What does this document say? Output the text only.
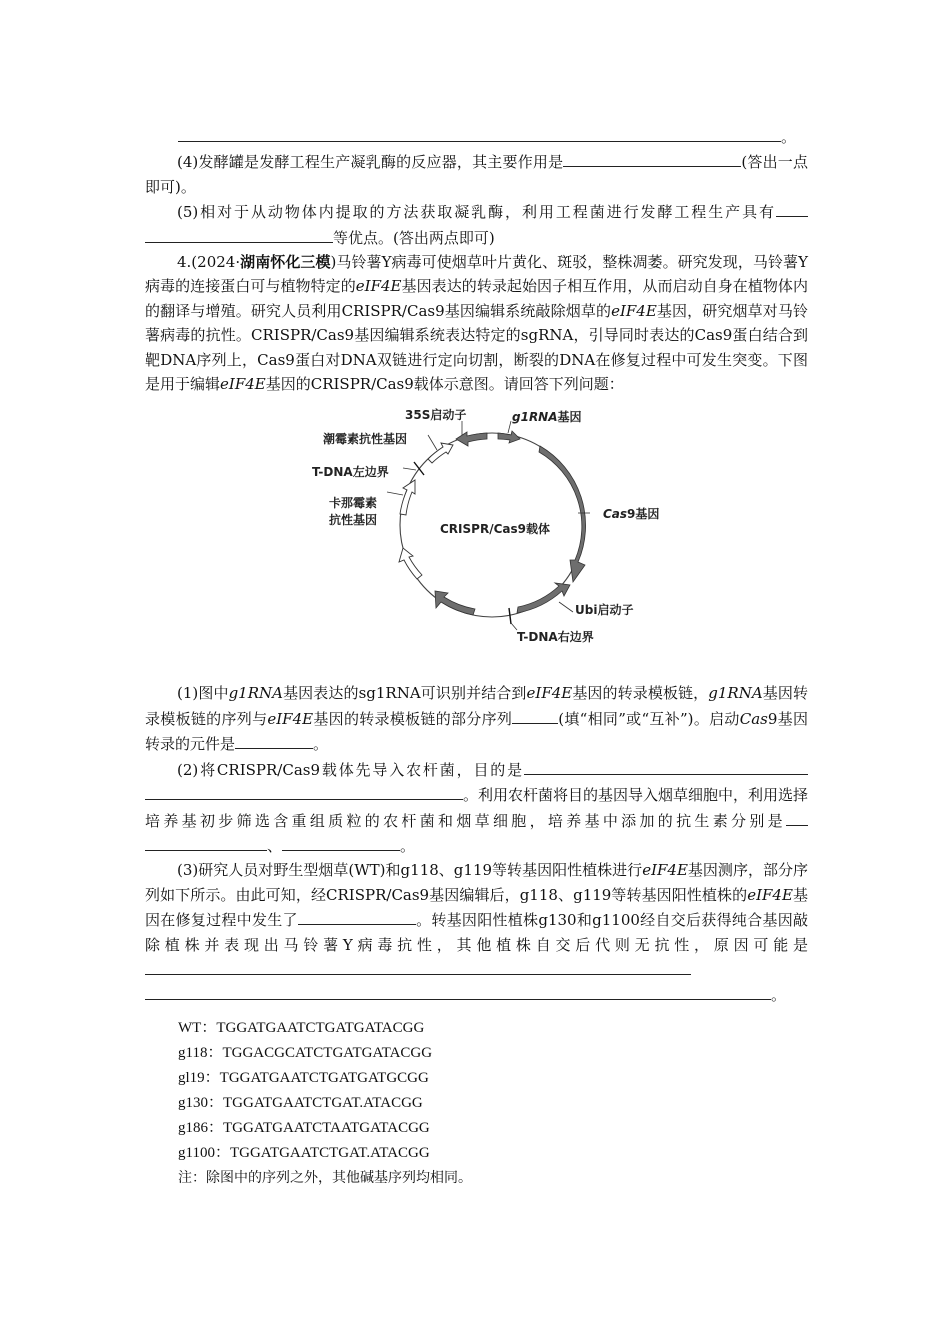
。

(4)发酵罐是发酵工程生产凝乳酶的反应器，其主要作用是	(答出一点即可)。

(5)相对于从动物体内提取的方法获取凝乳酶，利用工程菌进行发酵工程生产具有等优点。(答出两点即可)

4.(2024·湖南怀化三模)马铃薯Y病毒可使烟草叶片黄化、斑驳，整株凋萎。研究发现，马铃薯Y病毒的连接蛋白可与植物特定的eIF4E基因表达的转录起始因子相互作用，从而启动自身在植物体内的翻译与增殖。研究人员利用CRISPR/Cas9基因编辑系统敲除烟草的eIF4E基因，研究烟草对马铃薯病毒的抗性。CRISPR/Cas9基因编辑系统表达特定的sgRNA，引导同时表达的Cas9蛋白结合到靶DNA序列上，Cas9蛋白对DNA双链进行定向切割，断裂的DNA在修复过程中可发生突变。下图是用于编辑eIF4E基因的CRISPR/Cas9载体示意图。请回答下列问题：

35S启动子	g1RNA基因
潮霉素抗性基因
T-DNA左边界
卡那霉素
抗性基因
CRISPR/Cas9载体
Cas9基因
Ubi启动子
T-DNA右边界

(1)图中g1RNA基因表达的sg1RNA可识别并结合到eIF4E基因的转录模板链，g1RNA基因转录模板链的序列与eIF4E基因的转录模板链的部分序列	(填“相同”或“互补”)。启动Cas9基因转录的元件是	。

(2)将CRISPR/Cas9载体先导入农杆菌，目的是。利用农杆菌将目的基因导入烟草细胞中，利用选择培养基初步筛选含重组质粒的农杆菌和烟草细胞，培养基中添加的抗生素分别是、	。

(3)研究人员对野生型烟草(WT)和g118、g119等转基因阳性植株进行eIF4E基因测序，部分序列如下所示。由此可知，经CRISPR/Cas9基因编辑后，g118、g119等转基因阳性植株的eIF4E基因在修复过程中发生了	。转基因阳性植株g130和g1100经自交后获得纯合基因敲除植株并表现出马铃薯Y病毒抗性，其他植株自交后代则无抗性，原因可能是。

WT：TGGATGAATCTGATGATACGG

g118：TGGACGCATCTGATGATACGG

gl19：TGGATGAATCTGATGATGCGG

g130：TGGATGAATCTGAT.ATACGG

g186：TGGATGAATCTAATGATACGG

g1100：TGGATGAATCTGAT.ATACGG

注：除图中的序列之外，其他碱基序列均相同。
